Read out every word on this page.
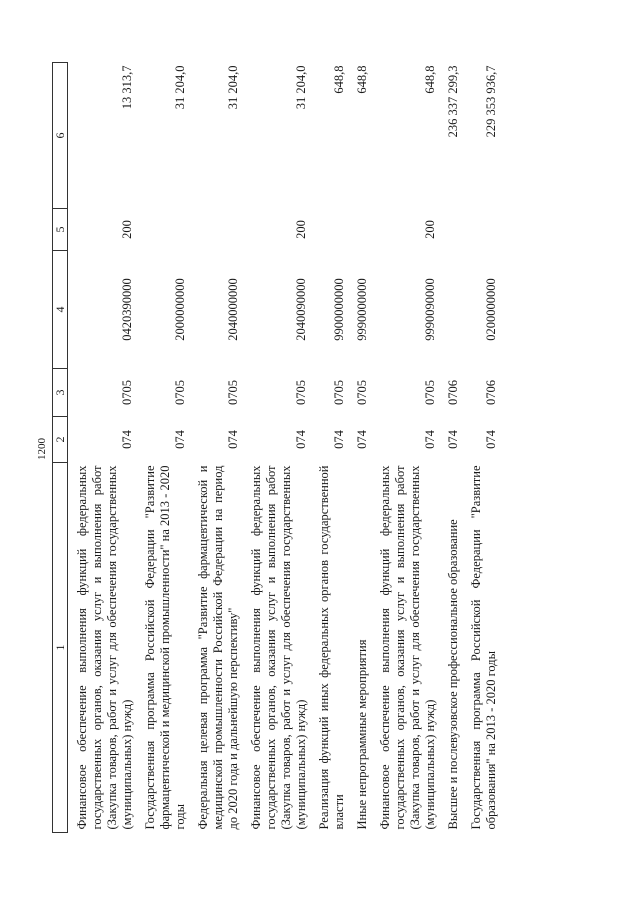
1200
1	2	3	4	5	6
Финансовое обеспечение выполнения функций федеральных государственных органов, оказания услуг и выполнения работ (Закупка товаров, работ и услуг для обеспечения государственных (муниципальных) нужд)	074	0705	0420390000	200	13 313,7
Государственная программа Российской Федерации "Развитие фармацевтической и медицинской промышленности" на 2013 - 2020 годы	074	0705	2000000000		31 204,0
Федеральная целевая программа "Развитие фармацевтической и медицинской промышленности Российской Федерации на период до 2020 года и дальнейшую перспективу"	074	0705	2040000000		31 204,0
Финансовое обеспечение выполнения функций федеральных государственных органов, оказания услуг и выполнения работ (Закупка товаров, работ и услуг для обеспечения государственных (муниципальных) нужд)	074	0705	2040090000	200	31 204,0
Реализация функций иных федеральных органов государственной власти	074	0705	9900000000		648,8
Иные непрограммные мероприятия	074	0705	9990000000		648,8
Финансовое обеспечение выполнения функций федеральных государственных органов, оказания услуг и выполнения работ (Закупка товаров, работ и услуг для обеспечения государственных (муниципальных) нужд)	074	0705	9990090000	200	648,8
Высшее и послевузовское профессиональное образование	074	0706			236 337 299,3
Государственная программа Российской Федерации "Развитие образования" на 2013 - 2020 годы	074	0706	0200000000		229 353 936,7
